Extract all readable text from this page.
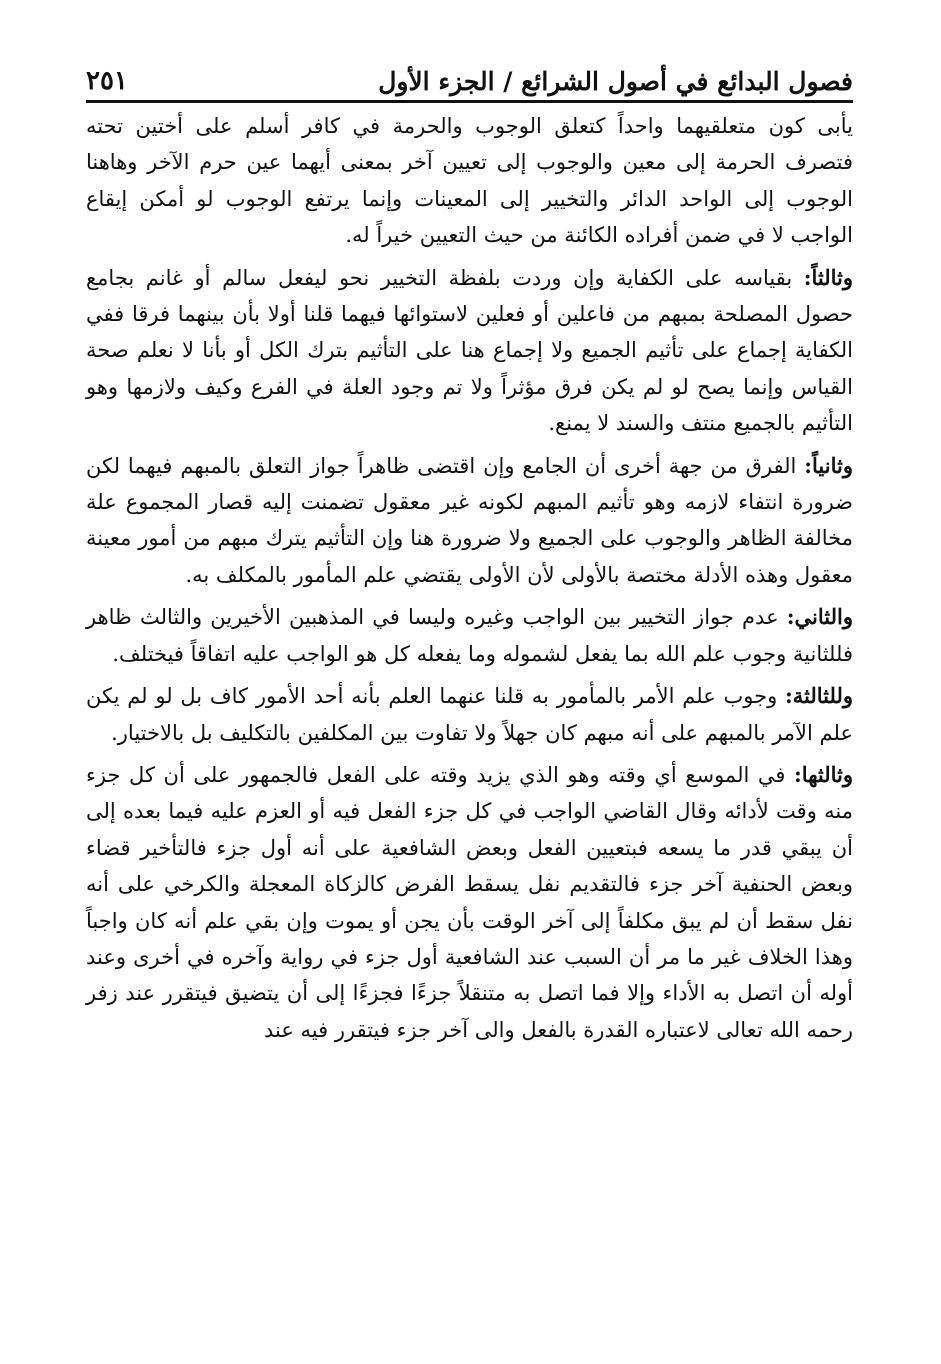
فصول البدائع في أصول الشرائع / الجزء الأول
٢٥١

يأبى كون متعلقيهما واحداً كتعلق الوجوب والحرمة في كافر أسلم على أختين تحته فتصرف الحرمة إلى معين والوجوب إلى تعيين آخر بمعنى أيهما عين حرم الآخر وهاهنا الوجوب إلى الواحد الدائر والتخيير إلى المعينات وإنما يرتفع الوجوب لو أمكن إيقاع الواجب لا في ضمن أفراده الكائنة من حيث التعيين خيراً له.

وثالثاً: بقياسه على الكفاية وإن وردت بلفظة التخيير نحو ليفعل سالم أو غانم بجامع حصول المصلحة بمبهم من فاعلين أو فعلين لاستوائها فيهما قلنا أولا بأن بينهما فرقا ففي الكفاية إجماع على تأثيم الجميع ولا إجماع هنا على التأثيم بترك الكل أو بأنا لا نعلم صحة القياس وإنما يصح لو لم يكن فرق مؤثراً ولا تم وجود العلة في الفرع وكيف ولازمها وهو التأثيم بالجميع منتف والسند لا يمنع.

وثانياً: الفرق من جهة أخرى أن الجامع وإن اقتضى ظاهراً جواز التعلق بالمبهم فيهما لكن ضرورة انتفاء لازمه وهو تأثيم المبهم لكونه غير معقول تضمنت إليه قصار المجموع علة مخالفة الظاهر والوجوب على الجميع ولا ضرورة هنا وإن التأثيم يترك مبهم من أمور معينة معقول وهذه الأدلة مختصة بالأولى لأن الأولى يقتضي علم المأمور بالمكلف به.

والثاني: عدم جواز التخيير بين الواجب وغيره وليسا في المذهبين الأخيرين والثالث ظاهر فللثانية وجوب علم الله بما يفعل لشموله وما يفعله كل هو الواجب عليه اتفاقاً فيختلف.

وللثالثة: وجوب علم الأمر بالمأمور به قلنا عنهما العلم بأنه أحد الأمور كاف بل لو لم يكن علم الآمر بالمبهم على أنه مبهم كان جهلاً ولا تفاوت بين المكلفين بالتكليف بل بالاختيار.

وثالثها: في الموسع أي وقته وهو الذي يزيد وقته على الفعل فالجمهور على أن كل جزء منه وقت لأدائه وقال القاضي الواجب في كل جزء الفعل فيه أو العزم عليه فيما بعده إلى أن يبقي قدر ما يسعه فبتعيين الفعل وبعض الشافعية على أنه أول جزء فالتأخير قضاء وبعض الحنفية آخر جزء فالتقديم نفل يسقط الفرض كالزكاة المعجلة والكرخي على أنه نفل سقط أن لم يبق مكلفاً إلى آخر الوقت بأن يجن أو يموت وإن بقي علم أنه كان واجباً وهذا الخلاف غير ما مر أن السبب عند الشافعية أول جزء في رواية وآخره في أخرى وعند أوله أن اتصل به الأداء وإلا فما اتصل به متنقلاً جزءًا فجزءًا إلى أن يتضيق فيتقرر عند زفر رحمه الله تعالى لاعتباره القدرة بالفعل والى آخر جزء فيتقرر فيه عند
